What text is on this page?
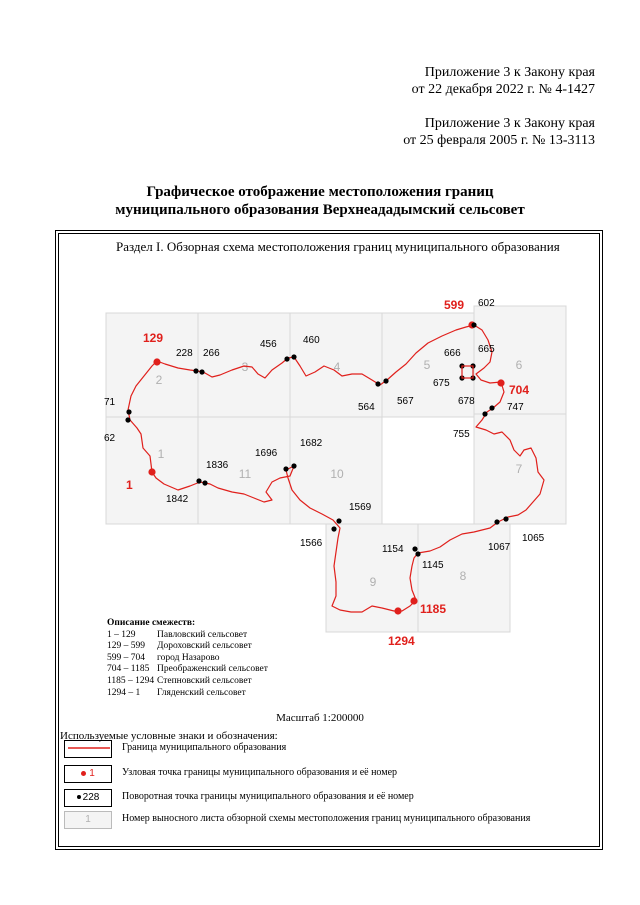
Приложение 3 к Закону края
от 22 декабря 2022 г. № 4-1427
Приложение 3 к Закону края
от 25 февраля 2005 г. № 13-3113
Графическое отображение местоположения границ
муниципального образования Верхнеададымский сельсовет
Раздел I. Обзорная схема местоположения границ муниципального образования
2
3	4	5	6
1
11	10	7
9	8
129
599
704
1185
1294
1
228 266
456	460
602
666 665
675
678
564
567
71
62
747
755
1696
1682
1836
1842
1569
1566
1154
1145
1067
1065
Описание смежеств:
1 – 129 Павловский сельсовет
129 – 599 Дороховский сельсовет
599 – 704 город Назарово
704 – 1185 Преображенский сельсовет
1185 – 1294 Степновский сельсовет
1294 – 1 Гляденский сельсовет
Масштаб 1:200000
Используемые условные знаки и обозначения:
Граница муниципального образования
1	Узловая точка границы муниципального образования и её номер
228	Поворотная точка границы муниципального образования и её номер
1	Номер выносного листа обзорной схемы местоположения границ муниципального образования
